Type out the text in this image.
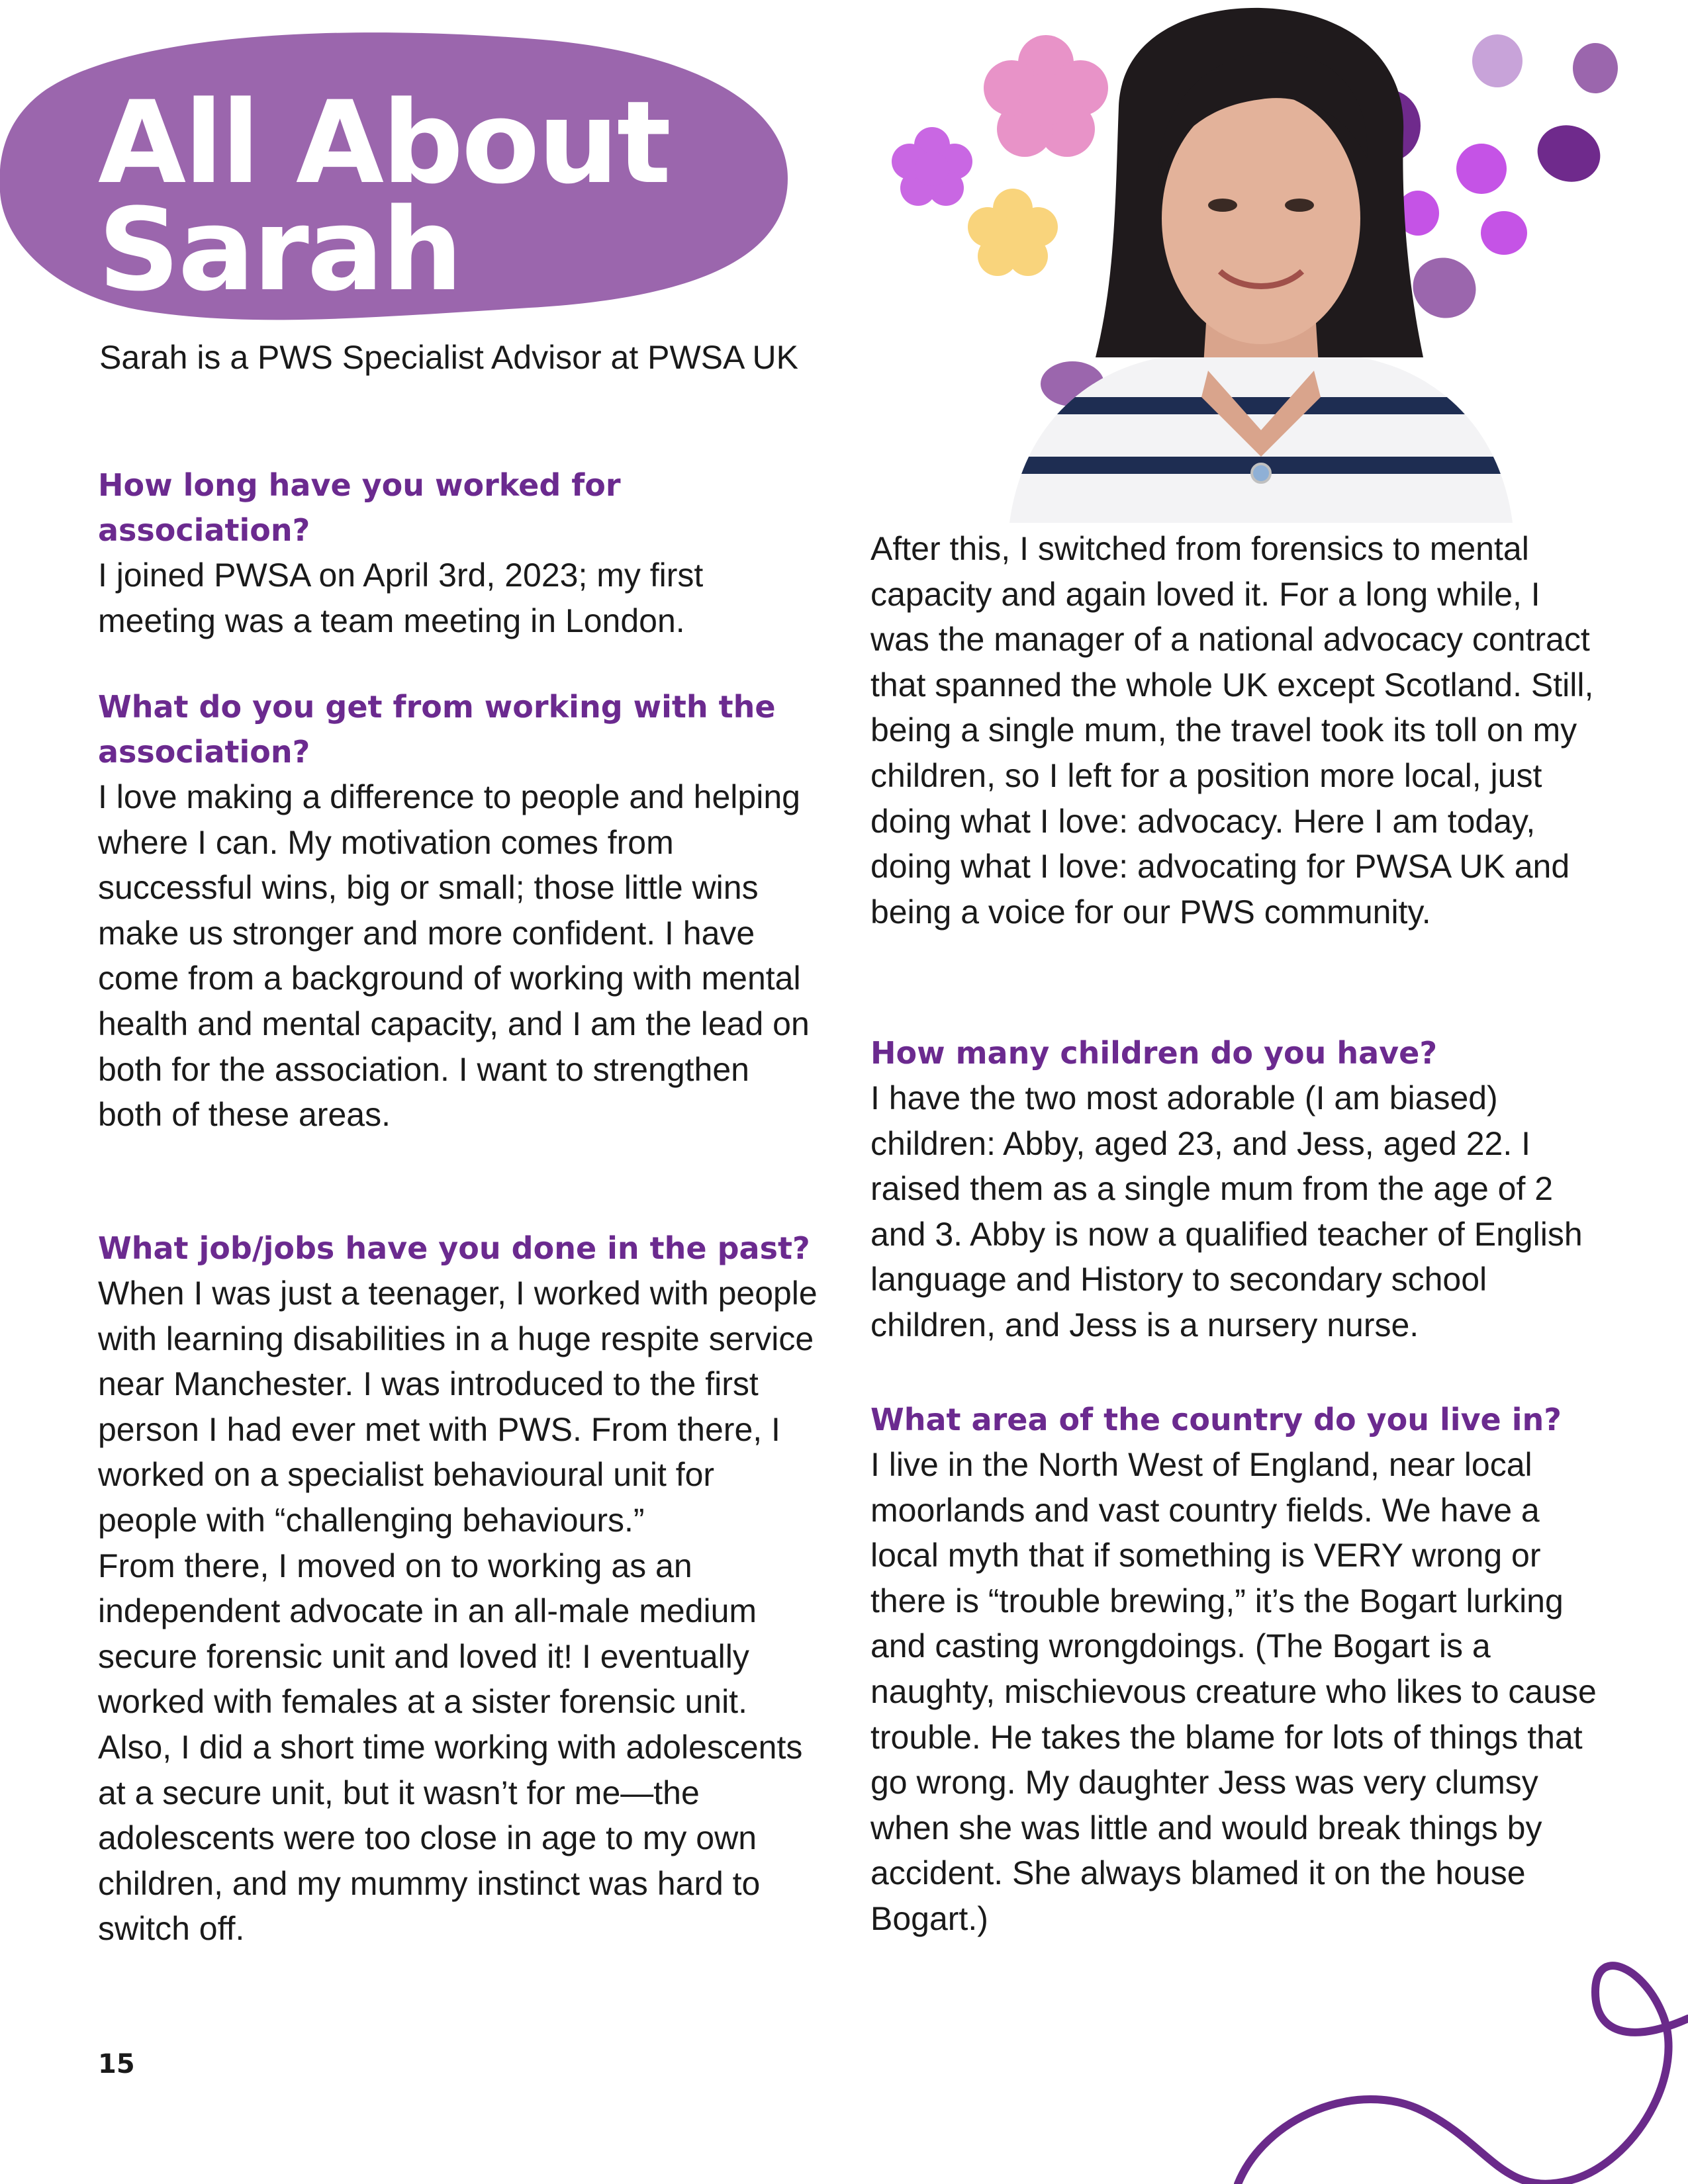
All About
Sarah

Sarah is a PWS Specialist Advisor at PWSA UK

How long have you worked for association?

I joined PWSA on April 3rd, 2023; my first meeting was a team meeting in London.

What do you get from working with the association?

I love making a difference to people and helping where I can. My motivation comes from successful wins, big or small; those little wins make us stronger and more confident. I have come from a background of working with mental health and mental capacity, and I am the lead on both for the association. I want to strengthen both of these areas.

What job/jobs have you done in the past?

When I was just a teenager, I worked with people with learning disabilities in a huge respite service near Manchester. I was introduced to the first person I had ever met with PWS. From there, I worked on a specialist behavioural unit for people with “challenging behaviours.”

From there, I moved on to working as an independent advocate in an all-male medium secure forensic unit and loved it! I eventually worked with females at a sister forensic unit. Also, I did a short time working with adolescents at a secure unit, but it wasn’t for me—the adolescents were too close in age to my own children, and my mummy instinct was hard to switch off.

After this, I switched from forensics to mental capacity and again loved it. For a long while, I was the manager of a national advocacy contract that spanned the whole UK except Scotland. Still, being a single mum, the travel took its toll on my children, so I left for a position more local, just doing what I love: advocacy. Here I am today, doing what I love: advocating for PWSA UK and being a voice for our PWS community.

How many children do you have?

I have the two most adorable (I am biased) children: Abby, aged 23, and Jess, aged 22. I raised them as a single mum from the age of 2 and 3. Abby is now a qualified teacher of English language and History to secondary school children, and Jess is a nursery nurse.

What area of the country do you live in?

I live in the North West of England, near local moorlands and vast country fields. We have a local myth that if something is VERY wrong or there is “trouble brewing,” it’s the Bogart lurking and casting wrongdoings. (The Bogart is a naughty, mischievous creature who likes to cause trouble. He takes the blame for lots of things that go wrong. My daughter Jess was very clumsy when she was little and would break things by accident. She always blamed it on the house Bogart.)

15
